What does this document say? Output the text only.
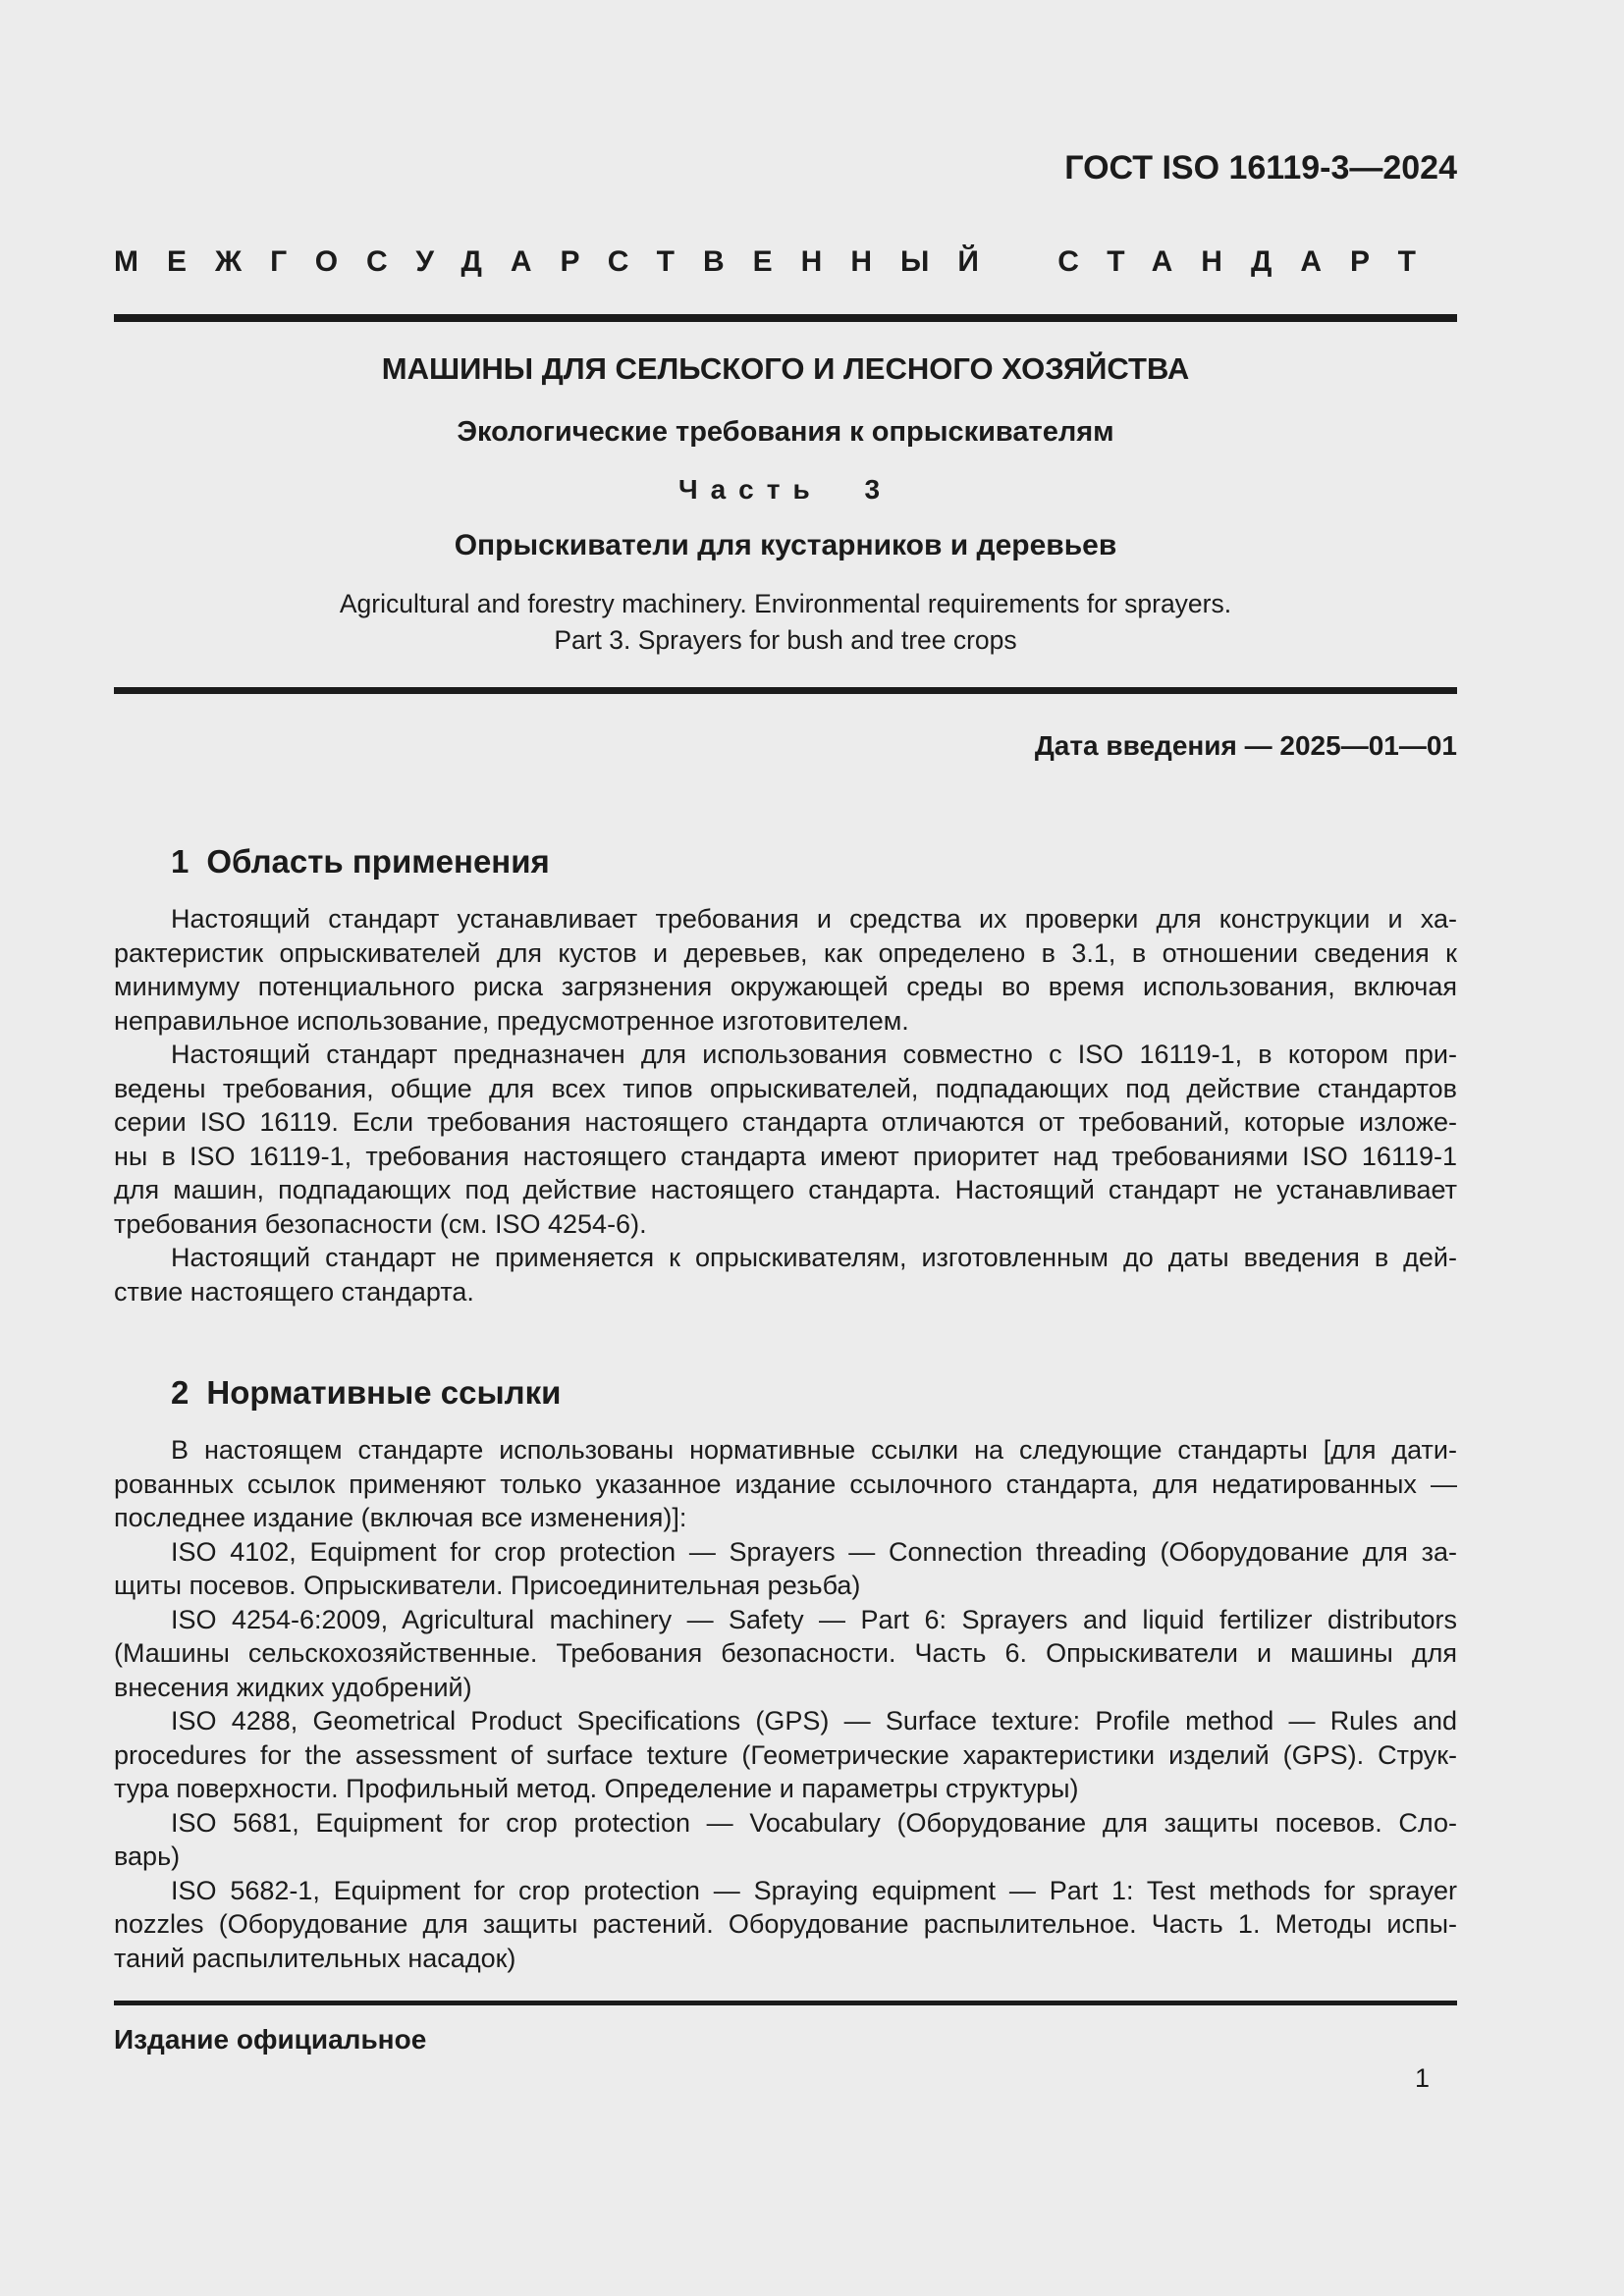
ГОСТ ISO 16119-3—2024
МЕЖГОСУДАРСТВЕННЫЙ СТАНДАРТ
МАШИНЫ ДЛЯ СЕЛЬСКОГО И ЛЕСНОГО ХОЗЯЙСТВА
Экологические требования к опрыскивателям
Часть 3
Опрыскиватели для кустарников и деревьев
Agricultural and forestry machinery. Environmental requirements for sprayers.
Part 3. Sprayers for bush and tree crops
Дата введения — 2025—01—01
1 Область применения
Настоящий стандарт устанавливает требования и средства их проверки для конструкции и ха-
рактеристик опрыскивателей для кустов и деревьев, как определено в 3.1, в отношении сведения к
минимуму потенциального риска загрязнения окружающей среды во время использования, включая
неправильное использование, предусмотренное изготовителем.
Настоящий стандарт предназначен для использования совместно с ISO 16119-1, в котором при-
ведены требования, общие для всех типов опрыскивателей, подпадающих под действие стандартов
серии ISO 16119. Если требования настоящего стандарта отличаются от требований, которые изложе-
ны в ISO 16119-1, требования настоящего стандарта имеют приоритет над требованиями ISO 16119-1
для машин, подпадающих под действие настоящего стандарта. Настоящий стандарт не устанавливает
требования безопасности (см. ISO 4254-6).
Настоящий стандарт не применяется к опрыскивателям, изготовленным до даты введения в дей-
ствие настоящего стандарта.
2 Нормативные ссылки
В настоящем стандарте использованы нормативные ссылки на следующие стандарты [для дати-
рованных ссылок применяют только указанное издание ссылочного стандарта, для недатированных —
последнее издание (включая все изменения)]:
ISO 4102, Equipment for crop protection — Sprayers — Connection threading (Оборудование для за-
щиты посевов. Опрыскиватели. Присоединительная резьба)
ISO 4254-6:2009, Agricultural machinery — Safety — Part 6: Sprayers and liquid fertilizer distributors
(Машины сельскохозяйственные. Требования безопасности. Часть 6. Опрыскиватели и машины для
внесения жидких удобрений)
ISO 4288, Geometrical Product Specifications (GPS) — Surface texture: Profile method — Rules and
procedures for the assessment of surface texture (Геометрические характеристики изделий (GPS). Струк-
тура поверхности. Профильный метод. Определение и параметры структуры)
ISO 5681, Equipment for crop protection — Vocabulary (Оборудование для защиты посевов. Сло-
варь)
ISO 5682-1, Equipment for crop protection — Spraying equipment — Part 1: Test methods for sprayer
nozzles (Оборудование для защиты растений. Оборудование распылительное. Часть 1. Методы испы-
таний распылительных насадок)
Издание официальное
1
